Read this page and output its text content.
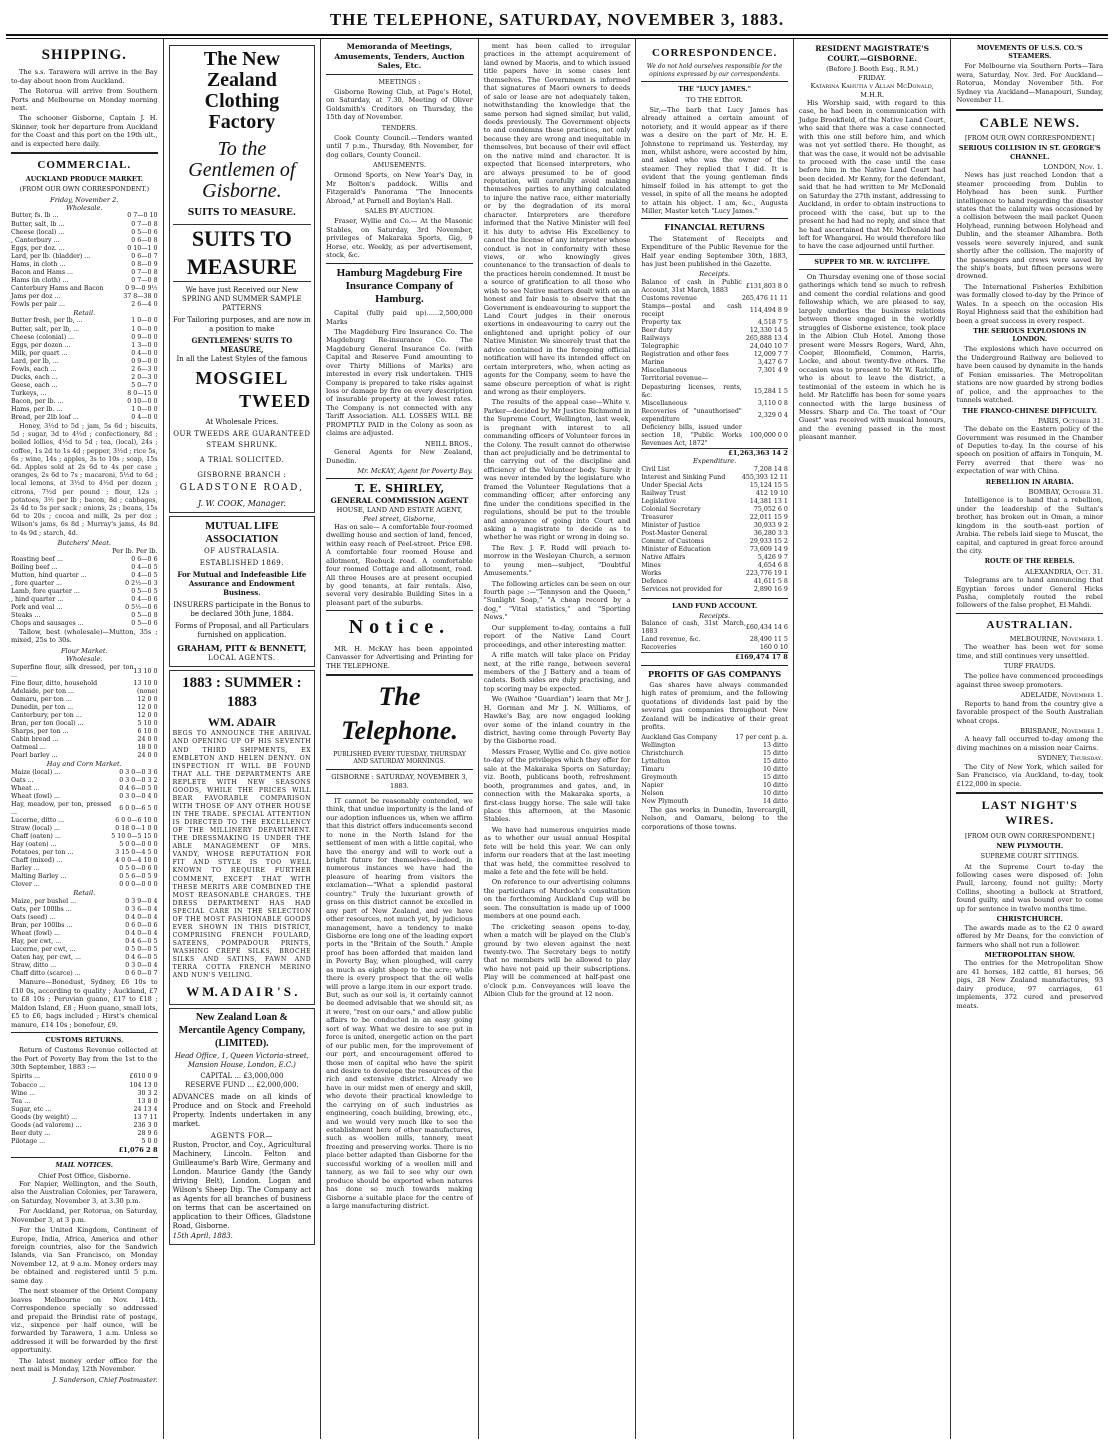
THE TELEPHONE, SATURDAY, NOVEMBER 3, 1883.
SHIPPING.

The s.s. Tarawera will arrive in the Bay to-day about noon from Auckland.

The Rotorua will arrive from Southern Ports and Melbourne on Monday morning next.

The schooner Gisborne, Captain J. H. Skinner, took her departure from Auckland for the Coast and this port on the 19th ult., and is expected here daily.

COMMERCIAL.
AUCKLAND PRODUCE MARKET.
(FROM OUR OWN CORRESPONDENT.)
Friday, November 2.
Wholesale.
Butter, fs. lb ...	0 7—0 10
Butter, salt, lb ...	0 7—0 8
Cheese (local) ...	0 5—0 6
, Canterbury ...	0 6—0 8
Eggs, per doz. ...	0 10—1 0
Lard, per lb. (bladder) ...	0 6—0 7
Hams, in cloth ...	0 8—0 9
Bacon and Hams ...	0 7—0 8
Hams (in cloth) ...	0 7—0 8
Canterbury Hams and Bacon	0 9—0 9½
Jams per doz ...	37 8—38 0
Fowls per pair ...	2 6—4 0
Retail.
Butter fresh, per lb, ...	1 0—0 0
Butter, salt, per lb, ...	1 0—0 0
Cheese (colonial) ...	0 9—0 0
Eggs, per dozen ...	1 3—0 0
Milk, per quart ...	0 4—0 0
Lard, per lb, ...	0 9—0 0
Fowls, each ...	2 6—3 0
Ducks, each ...	2 0—3 0
Geese, each ...	5 0—7 0
Turkeys, ...	8 0—15 0
Bacon, per lb. ...	0 10—0 0
Hams, per lb. ...	1 0—0 0
Bread, per 2lb loaf ...	0 4—0 0

Honey, 3½d to 5d ; jam, 5s 6d ; biscuits, 5d ; sugar, 3d to 4½d ; confectionery, 8d ; boiled lollies, 4½d to 5d ; tea, (local), 24s ; coffee, 1s 2d to 1s 4d ; pepper, 3½d ; rice 5s, 6s ; wine, 14s ; apples, 3s to 10s ; soap, 15s 6d. Apples sold at 2s 6d to 4s per case ; oranges, 2s 6d to 7s ; macaroni, 5½d to 6d ; local lemons, at 3½d to 4½d per dozen ; citrons, 7½d per pound ; flour, 12s ; potatoes, 3½ per lb ; bacon, 8d ; cabbages, 2s 4d to 5s per sack ; onions, 2s ; beans, 15s 6d to 20s ; cocoa and milk, 2s per doz ; Wilson's jams, 6s 8d ; Murray's jams, 4s 8d to 4s 9d ; starch, 4d.

Butchers' Meat.
Per lb. Per lb.
Roasting beef ...	0 6—0 6
Boiling beef ...	0 4—0 5
Mutton, hind quarter ...	0 4—0 5
, fore quarter ...	0 2½—0 3
Lamb, fore quarter ...	0 5—0 5
, hind quarter ...	0 4—0 6
Pork and veal ...	0 5½—0 6
Steaks ...	0 5—0 8
Chops and sausages ...	0 5—0 6

Tallow, best (wholesale)—Mutton, 35s ; mixed, 25s to 30s.

Flour Market.
Wholesale.
Superfine flour, silk dressed, per ton ...	13 10 0
Fine flour, ditto, household	13 10 0
Adelaide, per ton ...	(none)
Oamaru, per ton ...	12 0 0
Dunedin, per ton ...	12 0 0
Canterbury, per ton ...	12 0 0
Bran, per ton (local) ...	5 10 0
Sharps, per ton ...	6 10 0
Cabin bread ...	24 0 0
Oatmeal ...	18 0 0
Pearl barley ...	24 0 0
Hay and Corn Market.
Maize (local) ...	0 3 0—0 3 6
Oats ...	0 3 0—0 3 2
Wheat ...	0 4 6—0 5 0
Wheat (fowl) ...	0 3 0—0 4 0
Hay, meadow, per ton, pressed ...	6 0 0—6 5 0
Lucerne, ditto ...	6 0 0—6 10 0
Straw (local) ...	0 18 0—1 0 0
Chaff (oaten) ...	5 10 0—5 15 0
Hay (oaten) ...	5 0 0—0 0 0
Potatoes, per ton ...	3 15 0—4 5 0
Chaff (mixed) ...	4 0 0—4 10 0
Barley ...	0 5 0—0 6 0
Malting Barley ...	0 5 6—0 5 9
Clover ...	0 0 0—0 0 0
Retail.
Maize, per bushel ...	0 3 9—0 4
Oats, per 100lbs ...	0 3 6—0 4
Oats (seed) ...	0 4 0—0 4
Bran, per 100lbs ...	0 6 0—0 6
Wheat (fowl) ...	0 4 0—0 4
Hay, per cwt, ...	0 4 6—0 5
Lucerne, per cwt, ...	0 5 0—0 5
Oaten hay, per cwt, ...	0 4 6—0 5
Straw, ditto ...	0 3 0—0 4
Chaff ditto (scarce) ...	0 6 0—0 7

Manure—Bonedust, Sydney, £6 10s to £10 0s, according to quality ; Auckland, £7 to £8 10s ; Peruvian guano, £17 to £18 ; Maldon Island, £8 ; Huon guano, small lots, £5 to £6, bags included ; Hirst's chemical manure, £14 10s ; bonefour, £9.

CUSTOMS RETURNS.

Return of Customs Revenue collected at the Port of Poverty Bay from the 1st to the 30th September, 1883 :—

Spirits ...	£610 0 9
Tobacco ...	104 13 0
Wine ...	30 3 2
Tea ...	13 8 0
Sugar, etc ...	24 13 4
Goods (by weight) ...	13 7 11
Goods (ad valorem) ...	236 3 0
Beer duty ...	28 9 6
Pilotage ...	5 0 0
£1,076 2 8
MAIL NOTICES.
Chief Post Office, Gisborne.

For Napier, Wellington, and the South, also the Australian Colonies, per Tarawera, on Saturday, November 3, at 3.30 p.m.

For Auckland, per Rotorua, on Saturday, November 3, at 3 p.m.

For the United Kingdom, Continent of Europe, India, Africa, America and other foreign countries, also for the Sandwich Islands, via San Francisco, on Monday November 12, at 9 a.m. Money orders may be obtained and registered until 5 p.m. same day.

The next steamer of the Orient Company leaves Melbourne on Nov. 14th. Correspondence specially so addressed and prepaid the Brindisi rate of postage, viz., sixpence per half ounce, will be forwarded by Tarawera, 1 a.m. Unless so addressed it will be forwarded by the first opportunity.

The latest money order office for the next mail is Monday, 12th November.

J. Sanderson, Chief Postmaster.
The New Zealand
Clothing Factory
To the Gentlemen of
Gisborne.
SUITS TO MEASURE.
SUITS TO MEASURE
We have just Received our New SPRING AND SUMMER SAMPLE PATTERNS
For Tailoring purposes, and are now in a position to make
GENTLEMENS' SUITS TO MEASURE,
In all the Latest Styles of the famous
MOSGIEL
TWEED
At Wholesale Prices.
OUR TWEEDS ARE GUARANTEED
STEAM SHRUNK.
A TRIAL SOLICITED.
GISBORNE BRANCH :
GLADSTONE ROAD,
J. W. COOK, Manager.
MUTUAL LIFE ASSOCIATION
OF AUSTRALASIA.
ESTABLISHED 1869.
For Mutual and Indefeasible Life Assurance and Endowment Business.
INSURERS participate in the Bonus to be declared 30th June, 1884.
Forms of Proposal, and all Particulars furnished on application.
GRAHAM, PITT & BENNETT,
LOCAL AGENTS.
1883 : SUMMER : 1883
WM. ADAIR
BEGS TO ANNOUNCE THE ARRIVAL AND OPENING UP OF HIS SEVENTH AND THIRD SHIPMENTS, EX EMBLETON AND HELEN DENNY. ON INSPECTION IT WILL BE FOUND THAT ALL THE DEPARTMENTS ARE REPLETE WITH NEW SEASONS GOODS, WHILE THE PRICES WILL BEAR FAVORABLE COMPARISON WITH THOSE OF ANY OTHER HOUSE IN THE TRADE. SPECIAL ATTENTION IS DIRECTED TO THE EXCELLENCY OF THE MILLINERY DEPARTMENT. THE DRESSMAKING IS UNDER THE ABLE MANAGEMENT OF MRS. VANDY, WHOSE REPUTATION FOR FIT AND STYLE IS TOO WELL KNOWN TO REQUIRE FURTHER COMMENT, EXCEPT THAT WITH THESE MERITS ARE COMBINED THE MOST REASONABLE CHARGES. THE DRESS DEPARTMENT HAS HAD SPECIAL CARE IN THE SELECTION OF THE MOST FASHIONABLE GOODS EVER SHOWN IN THIS DISTRICT, COMPRISING FRENCH FOULARD, SATEENS, POMPADOUR PRINTS, WASHING CREPE SILKS, BROCHE SILKS AND SATINS, FAWN AND TERRA COTTA FRENCH MERINO AND NUN'S VEILING.
W M. A D A I R ' S .
New Zealand Loan & Mercantile Agency Company, (LIMITED).
Head Office, 1, Queen Victoria-street, Mansion House, London, E.C.)
CAPITAL ... £3,000,000
RESERVE FUND ... £2,000,000.
ADVANCES made on all kinds of Produce and on Stock and Freehold Property. Indents undertaken in any market.
AGENTS FOR—
Ruston, Proctor, and Coy., Agricultural Machinery, Lincoln. Felton and Guilleaume's Barb Wire, Germany and London. Maurice Gandy (the Gandy driving Belt), London. Logan and Wilson's Sheep Dip. The Company act as Agents for all branches of business on terms that can be ascertained on application to their Offices, Gladstone Road, Gisborne.
15th April, 1883.
Memoranda of Meetings, Amusements, Tenders, Auction Sales, Etc.
MEETINGS :

Gisborne Rowing Club, at Page's Hotel, on Saturday, at 7.30. Meeting of Oliver Goldsmith's Creditors on Thursday, the 15th day of November.

TENDERS.

Cook County Council.—Tenders wanted until 7 p.m., Thursday, 8th November, for dog collars, County Council.

AMUSEMENTS.

Ormond Sports, on New Year's Day, in Mr Bolton's paddock. Willis and Fitzgerald's Panorama "The Innocents Abroad," at Parnell and Boylan's Hall.

SALES BY AUCTION.

Fraser, Wyllie and Co.— At the Masonic Stables, on Saturday, 3rd November, privileges of Makaraka Sports, Gig, 9 Horse, etc. Weekly, as per advertisement, stock, &c.

Hamburg Magdeburg Fire Insurance Company of Hamburg.

Capital (fully paid up)......2,500,000 Marks

The Magdeburg Fire Insurance Co. The Magdeburg Re-insurance Co. The Magdeburg General Insurance Co. (with Capital and Reserve Fund amounting to over Thirty Millions of Marks) are interested in every risk undertaken. THIS Company is prepared to take risks against loss or damage by fire on every description of insurable property at the lowest rates. The Company is not connected with any Tariff Association. ALL LOSSES WILL BE PROMPTLY PAID in the Colony as soon as claims are adjusted.

NEILL BROS.,

General Agents for New Zealand, Dunedin.

Mr. McKAY, Agent for Poverty Bay.
T. E. SHIRLEY,
GENERAL COMMISSION AGENT
HOUSE, LAND AND ESTATE AGENT,
Peel street, Gisborne,

Has on sale— A comfortable four-roomed dwelling house and section of land, fenced, within easy reach of Peel-street. Price £98. A comfortable four roomed House and allotment, Roebuck road. A comfortable four roomed Cottage and allotment, road. All three Houses are at present occupied by good tenants, at fair rentals. Also, several very desirable Building Sites in a pleasant part of the suburbs.

Notice.

MR. H. McKAY has been appointed Canvasser for Advertising and Printing for THE TELEPHONE.

The Telephone.
PUBLISHED EVERY TUESDAY, THURSDAY AND SATURDAY MORNINGS.
GISBORNE : SATURDAY, NOVEMBER 3, 1883.

IT cannot be reasonably contended, we think, that undue importunity is the land of our adoption influences us, when we affirm that this district offers inducements second to none in the North Island for the settlement of men with a little capital, who have the energy and will to work out a bright future for themselves—indeed, in numerous instances we have had the pleasure of hearing from visitors the exclamation—"What a splendid pastoral country." Truly the luxuriant growth of grass on this district cannot be excelled in any part of New Zealand, and we have other resources, not much yet, by judicious management, have a tendency to make Gisborne ere long one of the leading export ports in the "Britain of the South." Ample proof has been afforded that maiden land in Poverty Bay, when ploughed, will carry as much as eight sheep to the acre; while there is every prospect that the oil wells will prove a large item in our export trade. But, such as our soil is, it certainly cannot be deemed advisable that we should sit, as it were, "rest on our oars," and allow public affairs to be conducted in an easy going sort of way. What we desire to see put in force is united, energetic action on the part of our public men, for the improvement of our port, and encouragement offered to those men of capital who have the spirit and desire to develope the resources of the rich and extensive district. Already we have in our midst men of energy and skill, who devote their practical knowledge to the carrying on of such industries as engineering, coach building, brewing, etc., and we would very much like to see the establishment here of other manufactures, such as woollen mills, tannery, meat freezing and preserving works. There is no place better adapted than Gisborne for the successful working of a woollen mill and tannery, as we fail to see why our own produce should be exported when natures has done so much towards making Gisborne a suitable place for the centre of a large manufacturing district.

ment has been called to irregular practices in the attempt acquirement of land owned by Maoris, and to which issued title papers have in some cases lent themselves. The Government is informed that signatures of Maori owners to deeds of sale or lease are not adequately taken, notwithstanding the knowledge that the same person had signed similar, but valid, deeds previously. The Government objects to and condemns these practices, not only because they are wrong and inequitable in themselves, but because of their evil effect on the native mind and character. It is expected that licensed interpreters, who are always presumed to be of good reputation, will carefully avoid making themselves parties to anything calculated to injure the native race, either materially or by the degradation of its moral character. Interpreters are therefore informed that the Native Minister will feel it his duty to advise His Excellency to cancel the license of any interpreter whose conduct is not in conformity with these views, or who knowingly gives countenance to the transaction of deals to the practices herein condemned. It must be a source of gratification to all those who wish to see Native matters dealt with on an honest and fair basis to observe that the Government is endeavouring to support the Land Court judges in their onerous exertions in endeavouring to carry out the enlightened and upright policy of our Native Minister. We sincerely trust that the advice contained in the foregoing official notification will have its intended effect on certain interpreters, who, when acting as agents for the Company, seem to have the same obscure perception of what is right and wrong as their employers.

The results of the appeal case—White v. Parker—decided by Mr Justice Richmond in the Supreme Court, Wellington, last week, is pregnant with interest to all commanding officers of Volunteer forces in the Colony. The result cannot do otherwise than act prejudicially and be detrimental to the carrying out of the discipline and efficiency of the Volunteer body. Surely it was never intended by the legislature who framed the Volunteer Regulations that a commanding officer, after enforcing any fine under the conditions specified in the regulations, should be put to the trouble and annoyance of going into Court and asking a magistrate to decide as to whether he was right or wrong in doing so.

The Rev. J. F. Rudd will preach to-morrow in the Wesleyan Church, a sermon to young men—subject, "Doubtful Amusements."

The following articles can be seen on our fourth page :—"Tennyson and the Queen," "Sunlight Soap," "A cheap record by a dog," "Vital statistics," and "Sporting News."

Our supplement to-day, contains a full report of the Native Land Court proceedings, and other interesting matter.

A rifle match will take place on Friday next, at the rifle range, between several members of the J Battery and a team of cadets. Both sides are duly practising, and top scoring may be expected.

We (Waihoe "Guardian") learn that Mr J. H. Gorman and Mr J. N. Williams, of Hawke's Bay, are now engaged looking over some of the inland country in the district, having come through Poverty Bay by the Gisborne road.

Messrs Fraser, Wyllie and Co. give notice to-day of the privileges which they offer for sale at the Makaraka Sports on Saturday; viz. Booth, publicans booth, refreshment booth, programmes and gates, and, in connection with the Makaraka sports, a first-class buggy horse. The sale will take place this afternoon, at the Masonic Stables.

We have had numerous enquiries made as to whether our usual annual Hospital fete will be held this year. We can only inform our readers that at the last meeting that was held, the committee resolved to make a fete and the fete will be held.

On reference to our advertising columns the particulars of Murdoch's consultation on the forthcoming Auckland Cup will be seen. The consultation is made up of 1000 members at one pound each.

The cricketing season opens to-day, when a match will be played on the Club's ground by two eleven against the next twenty-two. The Secretary begs to notify that no members will be allowed to play who have not paid up their subscriptions. Play will be commenced at half-past one o'clock p.m. Conveyances will leave the Albion Club for the ground at 12 noon.

CORRESPONDENCE.
We do not hold ourselves responsible for the opinions expressed by our correspondents.
THE "LUCY JAMES."
TO THE EDITOR.

Sir,—The barb that Lucy James has already attained a certain amount of notoriety, and it would appear as if there was a desire on the part of Mr. H. E. Johnstone to reprimand us. Yesterday, my men, whilst ashore, were accosted by him, and asked who was the owner of the steamer. They replied that I did. It is evident that the young gentleman finds himself foiled in his attempt to get the vessel, in spite of all the means he adopted to attain his object. I am, &c., Augusta Miller, Master ketch "Lucy James."

FINANCIAL RETURNS

The Statement of Receipts and Expenditure of the Public Revenue for the Half year ending September 30th, 1883, has just been published in the Gazette.

Receipts.
Balance of cash in Public Account, 31st March, 1883	£131,803 8 0
Customs revenue	265,476 11 11
Stamps—postal and cash receipt	114,494 8 9
Property tax	4,518 7 5
Beer duty	12,330 14 5
Railways	265,888 13 4
Telegraphic	24,040 10 7
Registration and other fees	12,009 7 7
Marine	3,427 6 7
Miscellaneous	7,301 4 9
Territorial revenue—	
Depasturing licenses, rents, &c.	15,284 1 5
Miscellaneous	3,110 0 8
Recoveries of "unauthorised" expenditure	2,329 0 4
Deficiency bills, issued under section 18, "Public Works Revenues Act, 1872"	100,000 0 0
£1,263,363 14 2
Expenditure.
Civil List	7,208 14 8
Interest and Sinking Fund	455,393 12 11
Under Special Acts	15,124 15 5
Railway Trust	412 19 10
Legislative	14,381 13 1
Colonial Secretary	75,052 6 0
Treasurer	22,011 15 9
Minister of Justice	30,933 9 2
Post-Master General	36,280 3 3
Commr. of Customs	29,933 15 2
Minister of Education	73,609 14 9
Native Affairs	5,426 9 7
Mines	4,654 6 8
Works	223,776 19 1
Defence	41,611 5 8
Services not provided for	2,890 16 9
LAND FUND ACCOUNT.
Receipts.
Balance of cash, 31st March, 1883	£60,434 14 6
Land revenue, &c.	28,490 11 5
Recoveries	160 0 10
£169,474 17 8
PROFITS OF GAS COMPANYS

Gas shares have always commanded high rates of premium, and the following quotations of dividends last paid by the several gas companies throughout New Zealand will be indicative of their great profits.

Auckland Gas Company	17 per cent p. a.
Wellington	13 ditto
Christchurch	15 ditto
Lyttelton	15 ditto
Timaru	10 ditto
Greymouth	15 ditto
Napier	10 ditto
Nelson	10 ditto
New Plymouth	14 ditto

The gas works in Dunedin, Invercargill, Nelson, and Oamaru, belong to the corporations of those towns.

RESIDENT MAGISTRATE'S COURT.—GISBORNE.
(Before J. Booth Esq., R.M.)
FRIDAY.
Katarina Kahutia v Allan McDonald, M.H.R.

His Worship said, with regard to this case, he had been in communication with Judge Brookfield, of the Native Land Court, who said that there was a case connected with this one still before him, and which was not yet settled there. He thought, as that was the case, it would not be advisable to proceed with the case until the case before him in the Native Land Court had been decided. Mr Kenny, for the defendant, said that he had written to Mr McDonald on Saturday the 27th instant, addressing to Auckland, in order to obtain instructions to proceed with the case, but up to the present he had had no reply, and since that he had ascertained that Mr. McDonald had left for Whangarei. He would therefore like to have the case adjourned until further.

SUPPER TO MR. W. RATCLIFFE.

On Thursday evening one of those social gatherings which tend so much to refresh and cement the cordial relations and good fellowship which, we are pleased to say, largely underlies the business relations between those engaged in the worldly struggles of Gisborne existence, took place in the Albion Club Hotel. Among those present were Messrs Rogers, Ward, Ahn, Cooper, Bloomfield, Common, Harris, Locke, and about twenty-five others. The occasion was to present to Mr W. Ratcliffe, who is about to leave the district, a testimonial of the esteem in which he is held. Mr Ratcliffe has been for some years connected with the large business of Messrs. Sharp and Co. The toast of "Our Guest" was received with musical honours, and the evening passed in the most pleasant manner.

MOVEMENTS OF U.S.S. CO.'S STEAMERS.

For Melbourne via Southern Ports—Tara wera, Saturday, Nov. 3rd. For Auckland—Rotorua, Monday November 5th. For Sydney via Auckland—Manapouri, Sunday, November 11.

CABLE NEWS.
[FROM OUR OWN CORRESPONDENT.]
SERIOUS COLLISION IN ST. GEORGE'S CHANNEL.
LONDON, Nov. 1.

News has just reached London that a steamer proceeding from Dublin to Holyhead has been sunk. Further intelligence to hand regarding the disaster states that the calamity was occasioned by a collision between the mail packet Queen Holyhead, running between Holyhead and Dublin, and the steamer Alhambra. Both vessels were severely injured, and sunk shortly after the collision. The majority of the passengers and crews were saved by the ship's boats, but fifteen persons were drowned.

The International Fisheries Exhibition was formally closed to-day by the Prince of Wales. In a speech on the occasion His Royal Highness said that the exhibition had been a great success in every respect.

THE SERIOUS EXPLOSIONS IN LONDON.

The explosions which have occurred on the Underground Railway are believed to have been caused by dynamite in the hands of Fenian emissaries. The Metropolitan stations are now guarded by strong bodies of police, and the approaches to the tunnels watched.

THE FRANCO-CHINESE DIFFICULTY.
PARIS, October 31.

The debate on the Eastern policy of the Government was resumed in the Chamber of Deputies to-day. In the course of his speech on position of affairs in Tonquin, M. Ferry averred that there was no expectation of war with China.

REBELLION IN ARABIA.
BOMBAY, October 31.

Intelligence is to hand that a rebellion, under the leadership of the Sultan's brother, has broken out in Oman, a minor kingdom in the south-east portion of Arabia. The rebels laid siege to Muscat, the capital, and captured in great force around the city.

ROUTE OF THE REBELS.
ALEXANDRIA, Oct. 31.

Telegrams are to hand announcing that Egyptian forces under General Hicks Pasha, completely routed the rebel followers of the false prophet, El Mahdi.

AUSTRALIAN.
MELBOURNE, November 1.

The weather has been wet for some time, and still continues very unsettled.

TURF FRAUDS.

The police have commenced proceedings against three sweep promoters.

ADELAIDE, November 1.

Reports to hand from the country give a favorable prospect of the South Australian wheat crops.

BRISBANE, November 1.

A heavy fall occurred to-day among the diving machines on a mission near Cairns.

SYDNEY, Thursday.

The City of New York, which sailed for San Francisco, via Auckland, to-day, took £122,000 in specie.

LAST NIGHT'S WIRES.
[FROM OUR OWN CORRESPONDENT.]
NEW PLYMOUTH.
SUPREME COURT SITTINGS.

At the Supreme Court to-day the following cases were disposed of: John Paull, larceny, found not guilty; Morty Collins, shooting a bullock at Stratford, found guilty, and was bound over to come up for sentence in twelve months time.

CHRISTCHURCH.

The awards made as to the £2 0 award offered by Mr Deans, for the conviction of farmers who shall not run a follower.

METROPOLITAN SHOW.

The entries for the Metropolitan Show are 41 horses, 182 cattle, 81 horses, 56 pigs, 28 New Zealand manufactures, 93 dairy produce, 97 carriages, 61 implements, 372 cured and preserved meats.
